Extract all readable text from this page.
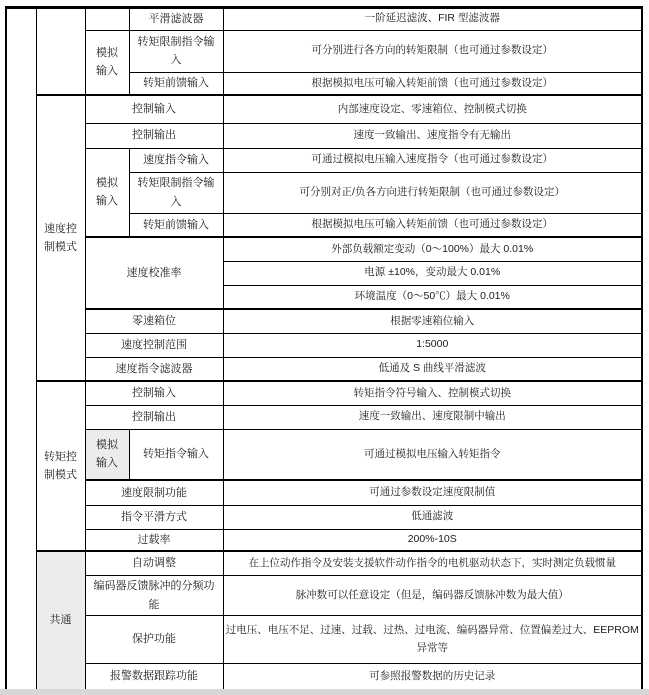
			平滑滤波器	一阶延迟滤波、FIR 型滤波器
		模拟输入	转矩限制指令输入	可分别进行各方向的转矩限制（也可通过参数设定）
			转矩前馈输入	根据模拟电压可输入转矩前馈（也可通过参数设定）
	速度控制模式	控制输入		内部速度设定、零速箱位、控制模式切换
		控制输出		速度一致输出、速度指令有无输出
		模拟输入	速度指令输入	可通过模拟电压输入速度指令（也可通过参数设定）
			转矩限制指令输入	可分别对正/负各方向进行转矩限制（也可通过参数设定）
			转矩前馈输入	根据模拟电压可输入转矩前馈（也可通过参数设定）
		速度校准率		外部负载额定变动（0～100%）最大 0.01%
				电源 ±10%，变动最大 0.01%
				环境温度（0～50℃）最大 0.01%
		零速箱位		根据零速箱位输入
		速度控制范围		1:5000
		速度指令滤波器		低通及 S 曲线平滑滤波
	转矩控制模式	控制输入		转矩指令符号输入、控制模式切换
		控制输出		速度一致输出、速度限制中输出
		模拟输入	转矩指令输入	可通过模拟电压输入转矩指令
		速度限制功能		可通过参数设定速度限制值
		指令平滑方式		低通滤波
		过载率		200%-10S
	共通	自动调整		在上位动作指令及安装支援软件动作指令的电机驱动状态下，实时测定负载惯量
		编码器反馈脉冲的分频功能		脉冲数可以任意设定（但是，编码器反馈脉冲数为最大值）
		保护功能		过电压、电压不足、过速、过载、过热、过电流、编码器异常、位置偏差过大、EEPROM 异常等
		报警数据跟踪功能		可参照报警数据的历史记录
